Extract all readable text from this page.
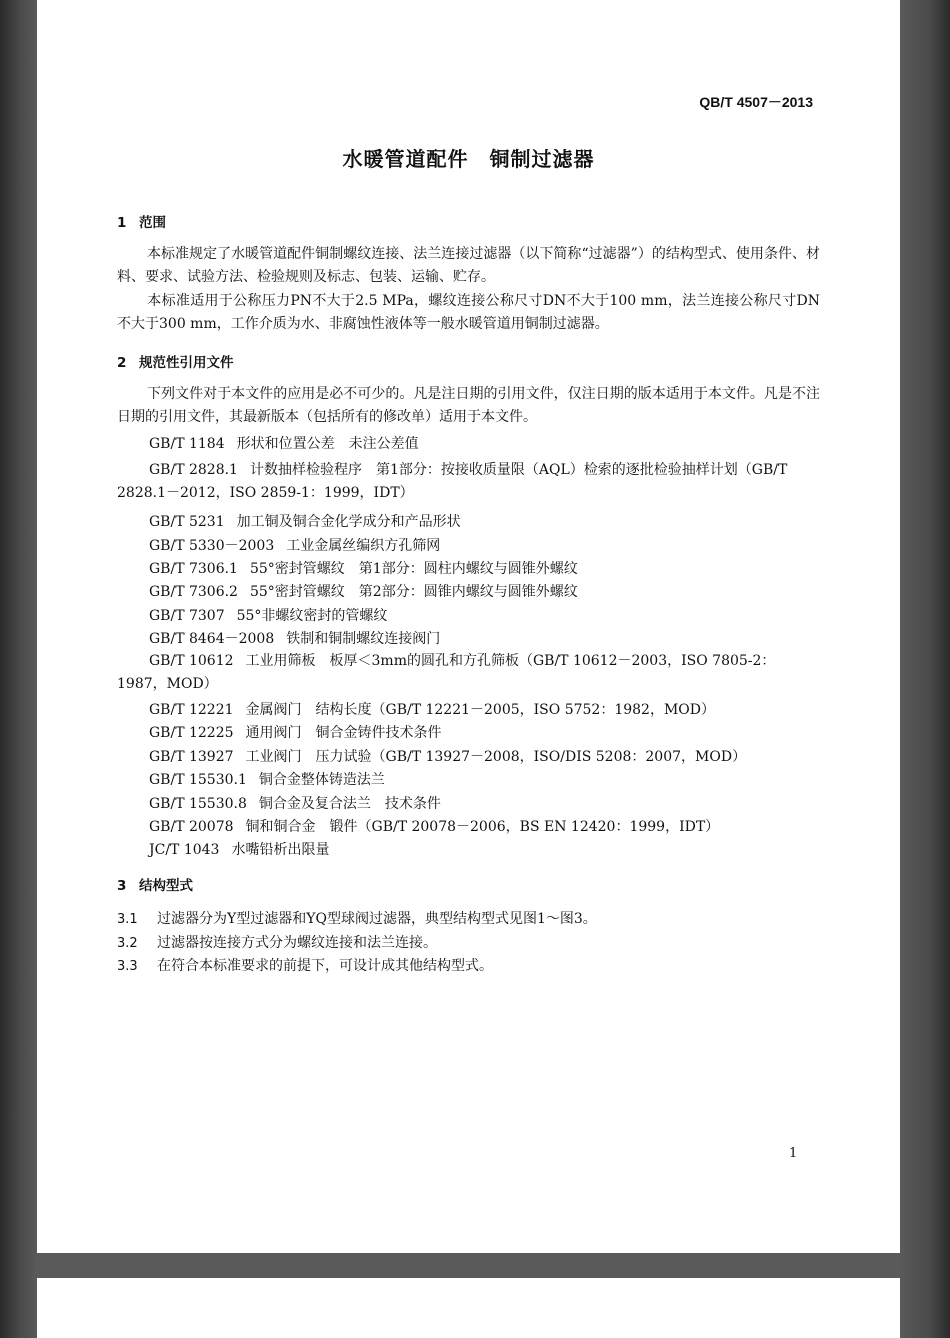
QB/T 4507－2013
水暖管道配件　铜制过滤器
1 范围
本标准规定了水暖管道配件铜制螺纹连接、法兰连接过滤器（以下简称“过滤器”）的结构型式、使用条件、材料、要求、试验方法、检验规则及标志、包装、运输、贮存。
本标准适用于公称压力PN不大于2.5 MPa，螺纹连接公称尺寸DN不大于100 mm，法兰连接公称尺寸DN不大于300 mm，工作介质为水、非腐蚀性液体等一般水暖管道用铜制过滤器。
2 规范性引用文件
下列文件对于本文件的应用是必不可少的。凡是注日期的引用文件，仅注日期的版本适用于本文件。凡是不注日期的引用文件，其最新版本（包括所有的修改单）适用于本文件。
GB/T 1184 形状和位置公差　未注公差值
GB/T 2828.1 计数抽样检验程序　第1部分：按接收质量限（AQL）检索的逐批检验抽样计划（GB/T 2828.1－2012，ISO 2859-1：1999，IDT）
GB/T 5231 加工铜及铜合金化学成分和产品形状
GB/T 5330－2003 工业金属丝编织方孔筛网
GB/T 7306.1 55°密封管螺纹　第1部分：圆柱内螺纹与圆锥外螺纹
GB/T 7306.2 55°密封管螺纹　第2部分：圆锥内螺纹与圆锥外螺纹
GB/T 7307 55°非螺纹密封的管螺纹
GB/T 8464－2008 铁制和铜制螺纹连接阀门
GB/T 10612 工业用筛板　板厚＜3mm的圆孔和方孔筛板（GB/T 10612－2003，ISO 7805-2：1987，MOD）
GB/T 12221 金属阀门　结构长度（GB/T 12221－2005，ISO 5752：1982，MOD）
GB/T 12225 通用阀门　铜合金铸件技术条件
GB/T 13927 工业阀门　压力试验（GB/T 13927－2008，ISO/DIS 5208：2007，MOD）
GB/T 15530.1 铜合金整体铸造法兰
GB/T 15530.8 铜合金及复合法兰　技术条件
GB/T 20078 铜和铜合金　锻件（GB/T 20078－2006，BS EN 12420：1999，IDT）
JC/T 1043 水嘴铅析出限量
3 结构型式
3.1 过滤器分为Y型过滤器和YQ型球阀过滤器，典型结构型式见图1～图3。
3.2 过滤器按连接方式分为螺纹连接和法兰连接。
3.3 在符合本标准要求的前提下，可设计成其他结构型式。
1
